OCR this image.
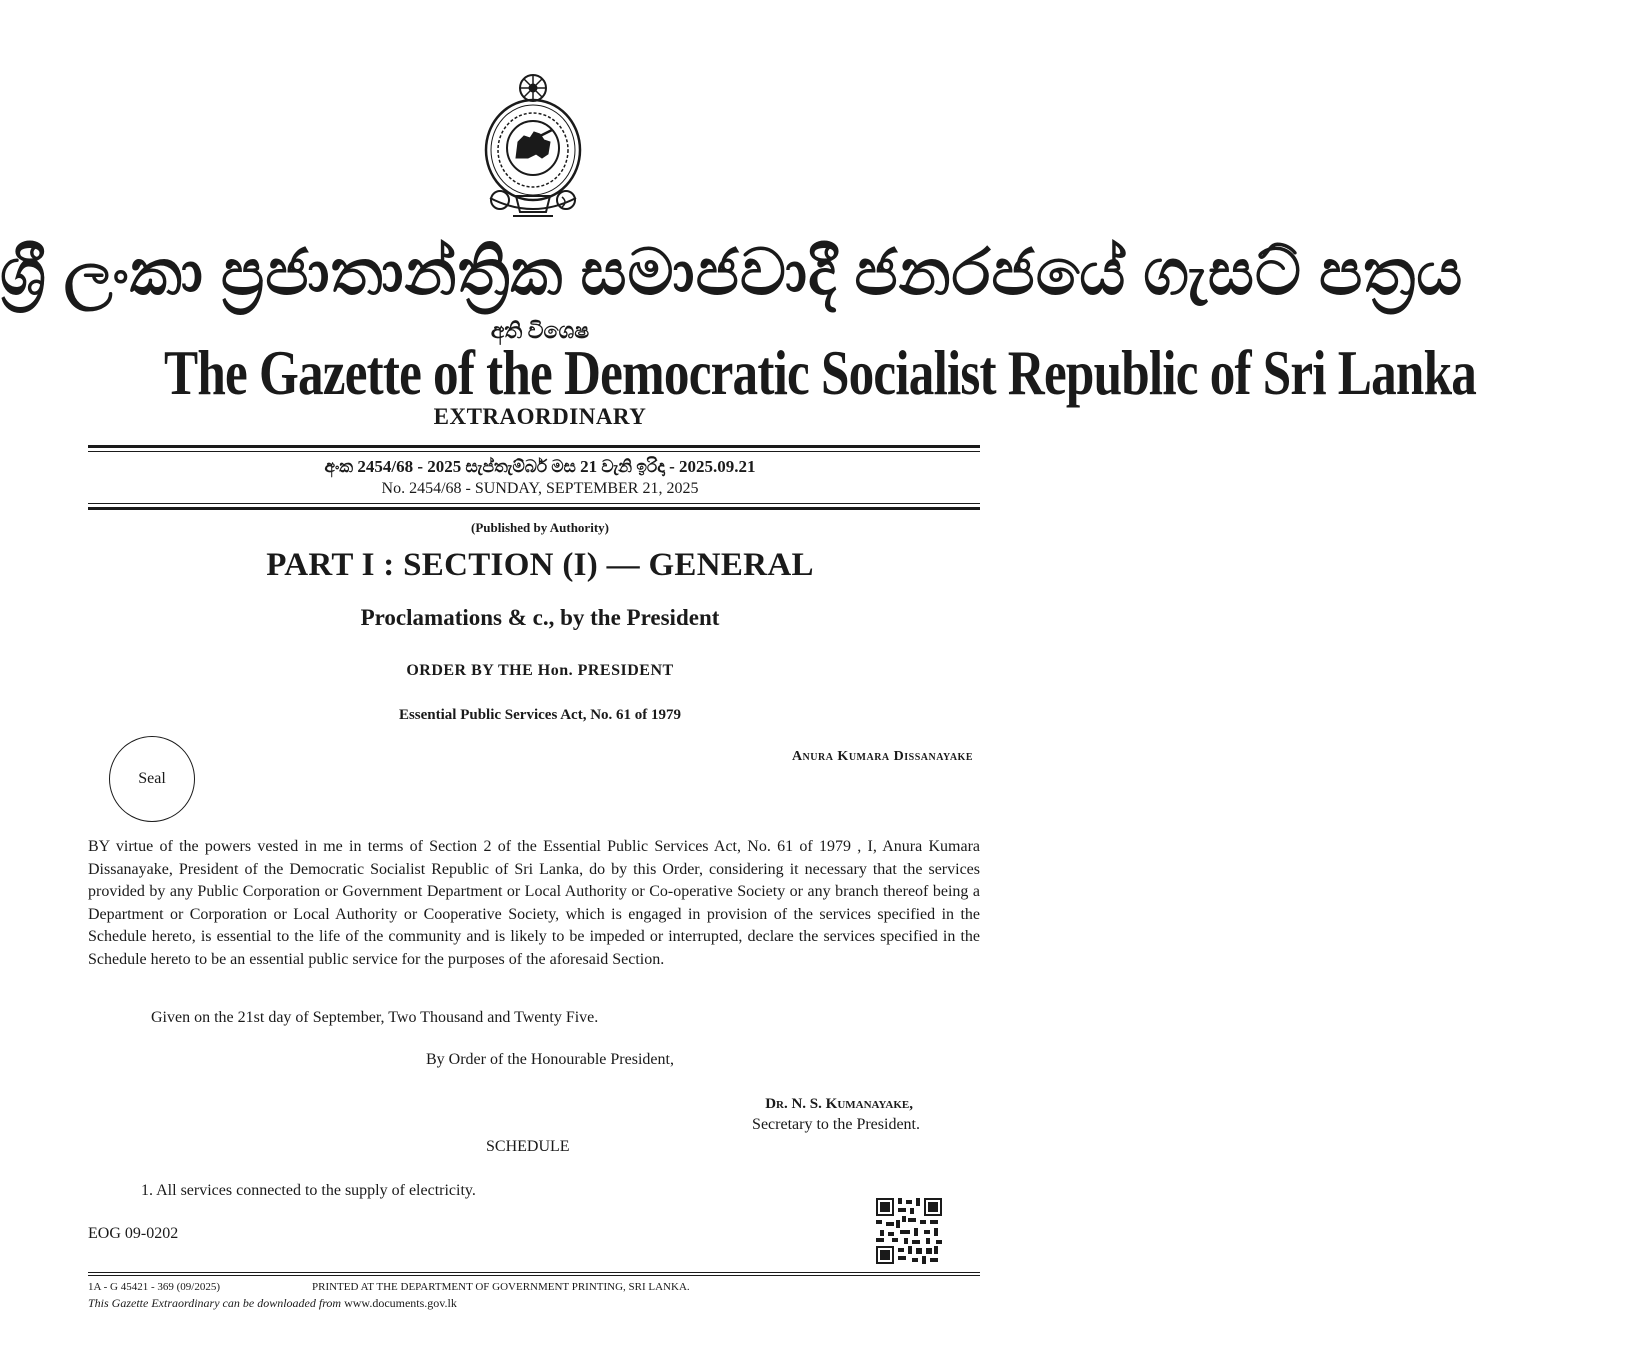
ශ්‍රී ලංකා ප්‍රජාතාන්ත්‍රික සමාජවාදී ජනරජයේ ගැසට් පත්‍රය
අති විශෙෂ
The Gazette of the Democratic Socialist Republic of Sri Lanka
EXTRAORDINARY
අංක 2454/68 - 2025 සැප්තැම්බර් මස 21 වැනි ඉරිදා - 2025.09.21
No. 2454/68 - SUNDAY, SEPTEMBER 21, 2025
(Published by Authority)
PART I : SECTION (I) — GENERAL
Proclamations & c., by the President
ORDER BY THE Hon. PRESIDENT
Essential Public Services Act, No. 61 of 1979
Seal
Anura Kumara Dissanayake

BY virtue of the powers vested in me in terms of Section 2 of the Essential Public Services Act, No. 61 of 1979 , I, Anura Kumara Dissanayake, President of the Democratic Socialist Republic of Sri Lanka, do by this Order, considering it necessary that the services provided by any Public Corporation or Government Department or Local Authority or Co-operative Society or any branch thereof being a Department or Corporation or Local Authority or Cooperative Society, which is engaged in provision of the services specified in the Schedule hereto, is essential to the life of the community and is likely to be impeded or interrupted, declare the services specified in the Schedule hereto to be an essential public service for the purposes of the aforesaid Section.

Given on the 21st day of September, Two Thousand and Twenty Five.
By Order of the Honourable President,
Dr. N. S. Kumanayake,
Secretary to the President.
SCHEDULE
1. All services connected to the supply of electricity.
EOG 09-0202
1A - G 45421 - 369 (09/2025)	PRINTED AT THE DEPARTMENT OF GOVERNMENT PRINTING, SRI LANKA.
This Gazette Extraordinary can be downloaded from www.documents.gov.lk
